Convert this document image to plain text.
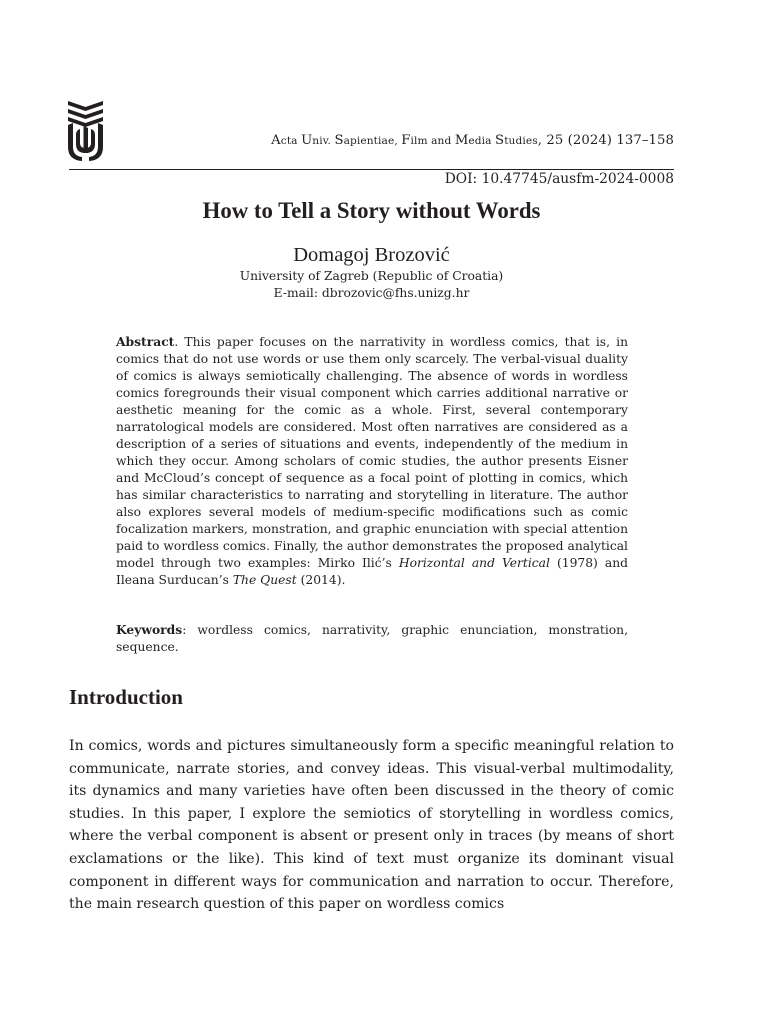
Acta Univ. Sapientiae, Film and Media Studies, 25 (2024) 137–158
DOI: 10.47745/ausfm-2024-0008
How to Tell a Story without Words
Domagoj Brozović
University of Zagreb (Republic of Croatia)
E-mail: dbrozovic@fhs.unizg.hr

Abstract. This paper focuses on the narrativity in wordless comics, that is, in comics that do not use words or use them only scarcely. The verbal-visual duality of comics is always semiotically challenging. The absence of words in wordless comics foregrounds their visual component which carries additional narrative or aesthetic meaning for the comic as a whole. First, several contemporary narratological models are considered. Most often narratives are considered as a description of a series of situations and events, independently of the medium in which they occur. Among scholars of comic studies, the author presents Eisner and McCloud’s concept of sequence as a focal point of plotting in comics, which has similar characteristics to narrating and storytelling in literature. The author also explores several models of medium-specific modifications such as comic focalization markers, monstration, and graphic enunciation with special attention paid to wordless comics. Finally, the author demonstrates the proposed analytical model through two examples: Mirko Ilić’s Horizontal and Vertical (1978) and Ileana Surducan’s The Quest (2014).

Keywords: wordless comics, narrativity, graphic enunciation, monstration, sequence.

Introduction

In comics, words and pictures simultaneously form a specific meaningful relation to communicate, narrate stories, and convey ideas. This visual-verbal multimodality, its dynamics and many varieties have often been discussed in the theory of comic studies. In this paper, I explore the semiotics of storytelling in wordless comics, where the verbal component is absent or present only in traces (by means of short exclamations or the like). This kind of text must organize its dominant visual component in different ways for communication and narration to occur. Therefore, the main research question of this paper on wordless comics
